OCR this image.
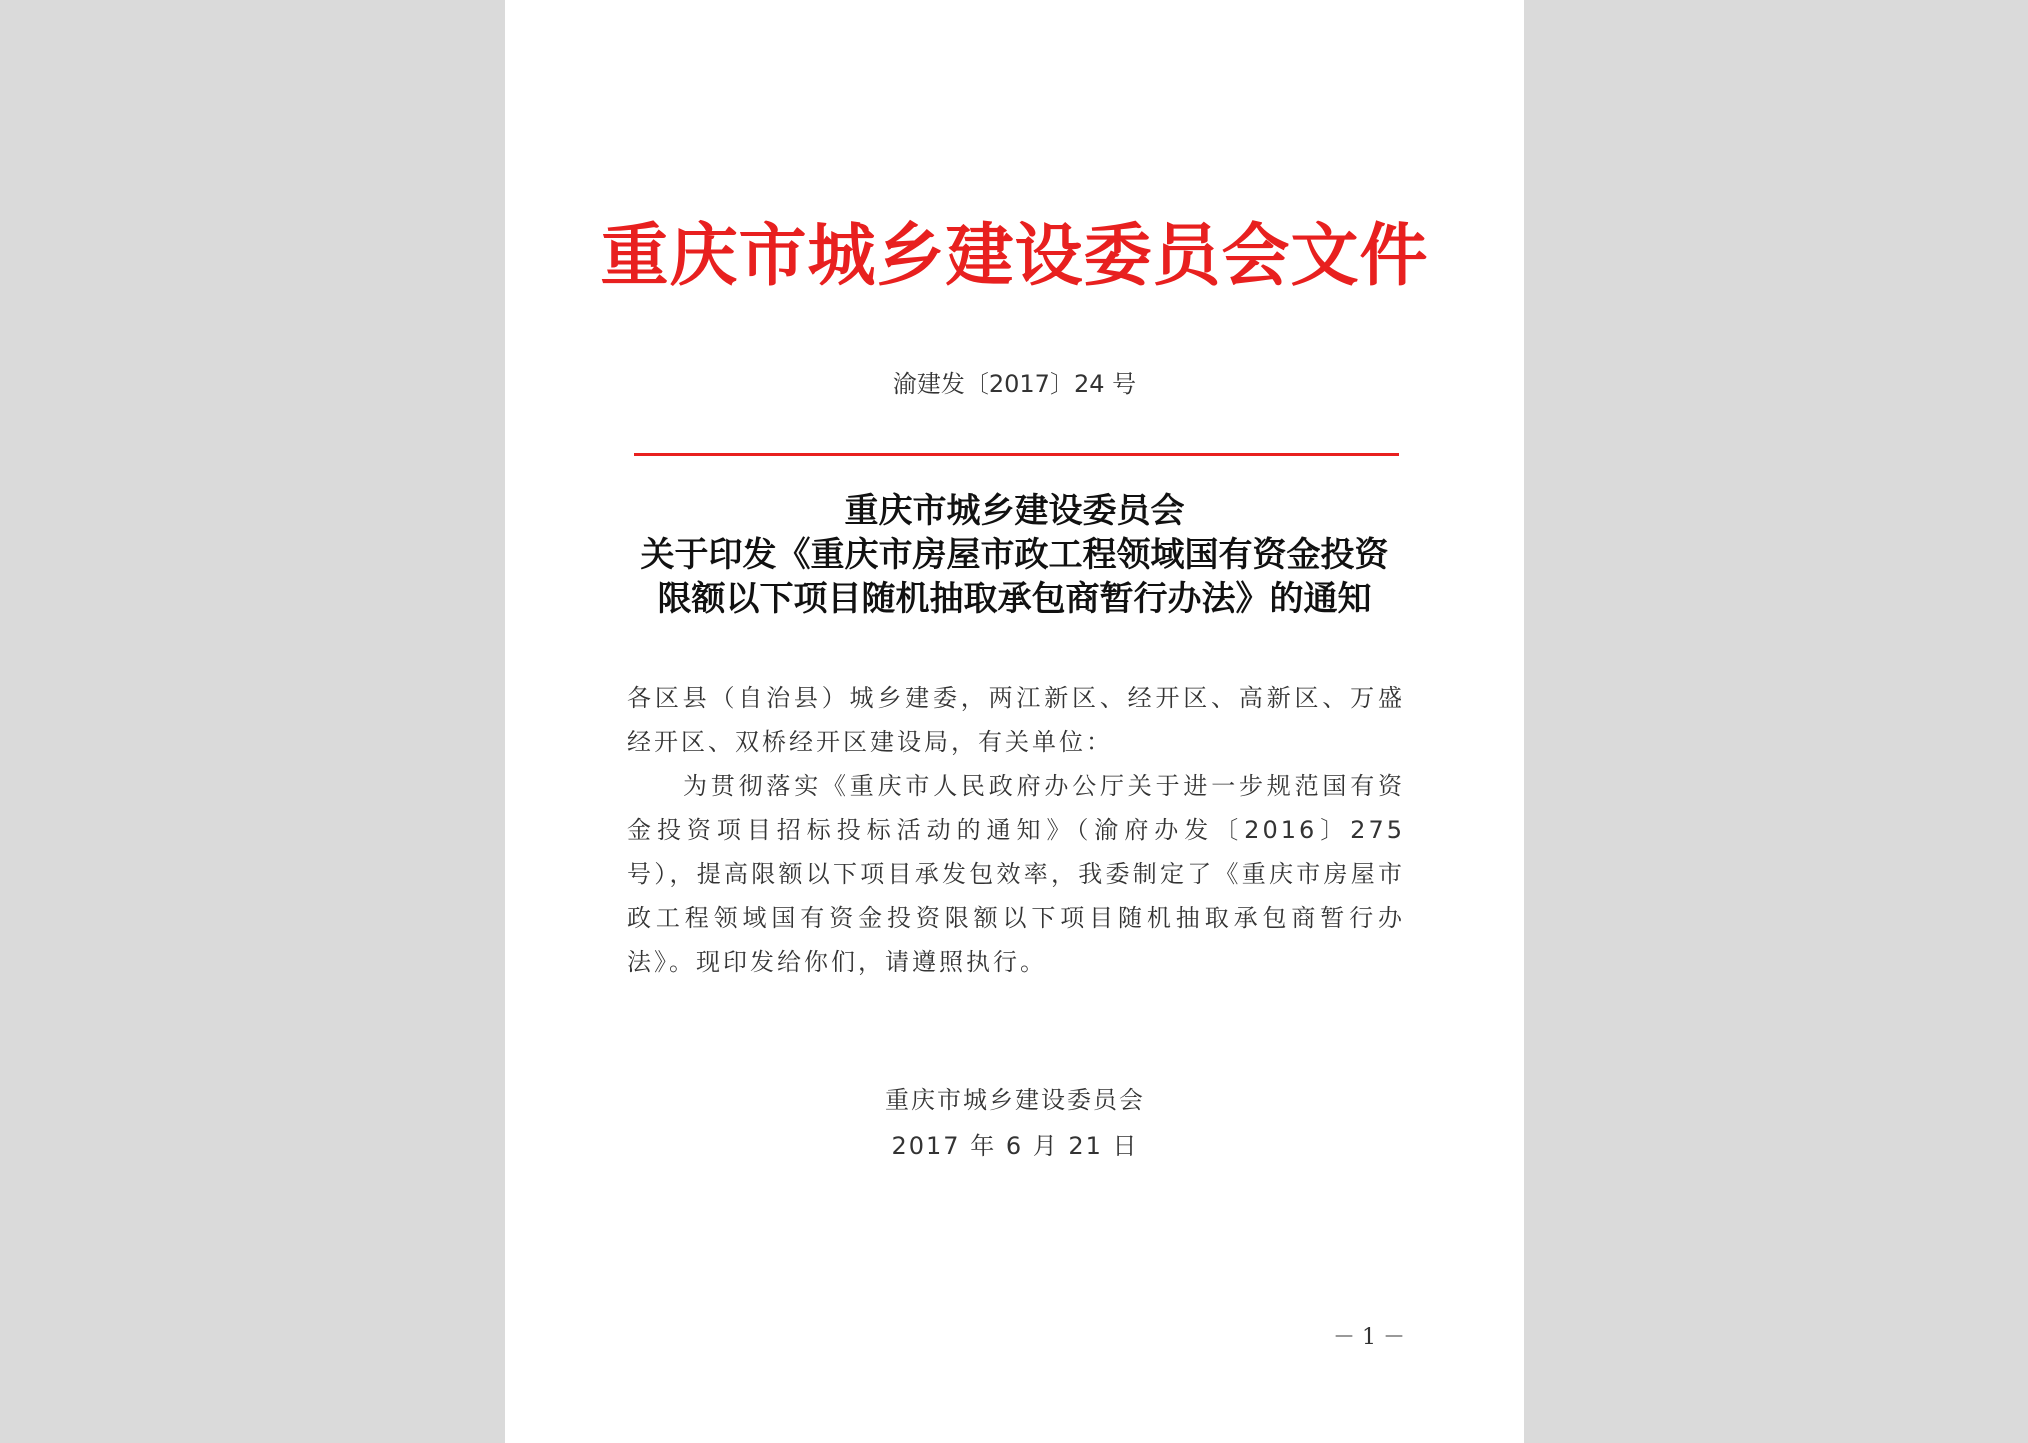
重庆市城乡建设委员会文件
渝建发〔2017〕24 号
重庆市城乡建设委员会
关于印发《重庆市房屋市政工程领域国有资金投资
限额以下项目随机抽取承包商暂行办法》的通知

各区县（自治县）城乡建委，两江新区、经开区、高新区、万盛经开区、双桥经开区建设局，有关单位：

为贯彻落实《重庆市人民政府办公厅关于进一步规范国有资金投资项目招标投标活动的通知》（渝府办发〔2016〕275 号），提高限额以下项目承发包效率，我委制定了《重庆市房屋市政工程领域国有资金投资限额以下项目随机抽取承包商暂行办法》。现印发给你们，请遵照执行。

重庆市城乡建设委员会
2017 年 6 月 21 日
－ 1 －
